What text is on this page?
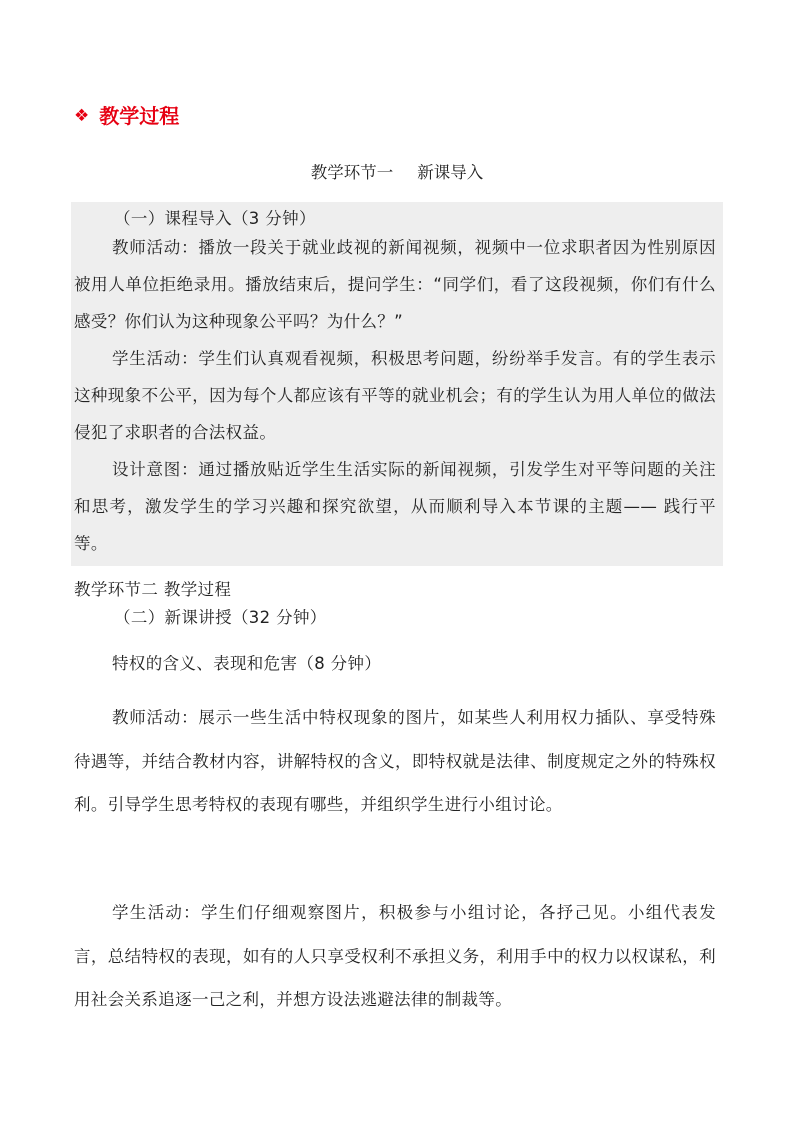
❖ 教学过程
教学环节一 新课导入
（一）课程导入（3 分钟）
教师活动：播放一段关于就业歧视的新闻视频，视频中一位求职者因为性别原因被用人单位拒绝录用。播放结束后，提问学生：“同学们，看了这段视频，你们有什么感受？你们认为这种现象公平吗？为什么？”
学生活动：学生们认真观看视频，积极思考问题，纷纷举手发言。有的学生表示这种现象不公平，因为每个人都应该有平等的就业机会；有的学生认为用人单位的做法侵犯了求职者的合法权益。
设计意图：通过播放贴近学生生活实际的新闻视频，引发学生对平等问题的关注和思考，激发学生的学习兴趣和探究欲望，从而顺利导入本节课的主题—— 践行平等。
教学环节二 教学过程
（二）新课讲授（32 分钟）
特权的含义、表现和危害（8 分钟）
教师活动：展示一些生活中特权现象的图片，如某些人利用权力插队、享受特殊待遇等，并结合教材内容，讲解特权的含义，即特权就是法律、制度规定之外的特殊权利。引导学生思考特权的表现有哪些，并组织学生进行小组讨论。
学生活动：学生们仔细观察图片，积极参与小组讨论，各抒己见。小组代表发言，总结特权的表现，如有的人只享受权利不承担义务，利用手中的权力以权谋私，利用社会关系追逐一己之利，并想方设法逃避法律的制裁等。
